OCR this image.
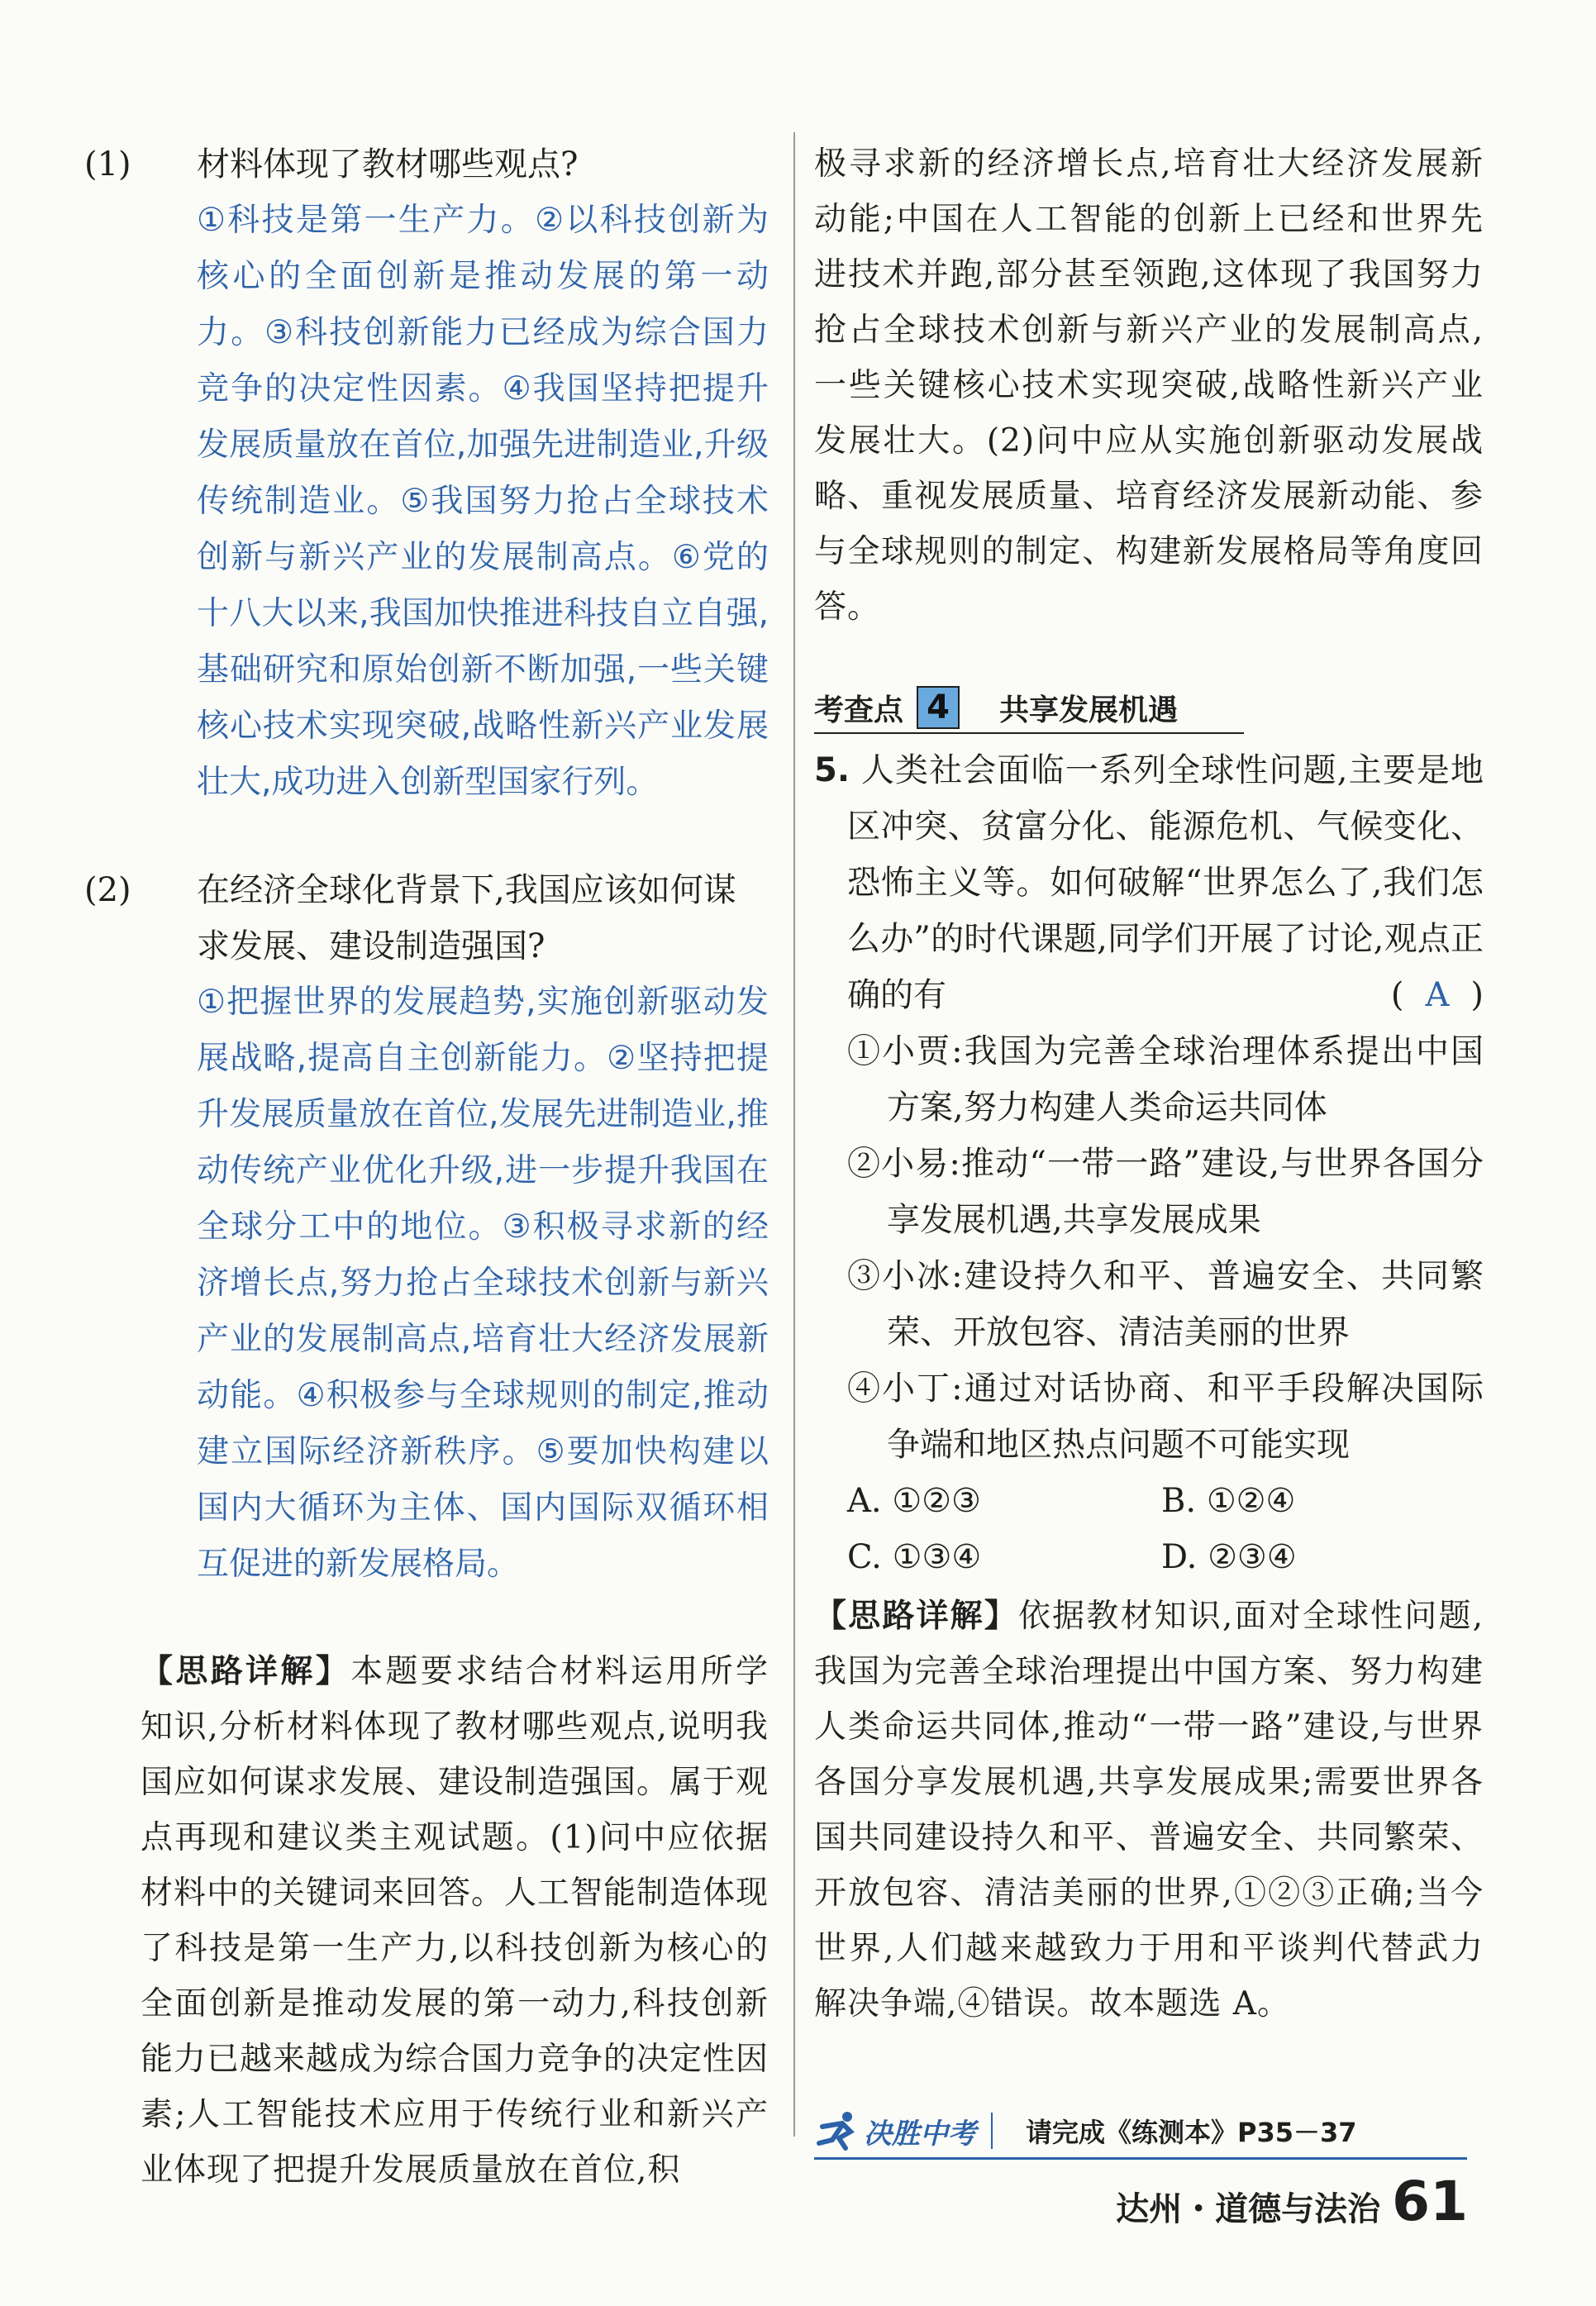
(1) 材料体现了教材哪些观点?
①科技是第一生产力。②以科技创新为核心的全面创新是推动发展的第一动力。③科技创新能力已经成为综合国力竞争的决定性因素。④我国坚持把提升发展质量放在首位,加强先进制造业,升级传统制造业。⑤我国努力抢占全球技术创新与新兴产业的发展制高点。⑥党的十八大以来,我国加快推进科技自立自强,基础研究和原始创新不断加强,一些关键核心技术实现突破,战略性新兴产业发展壮大,成功进入创新型国家行列。
(2) 在经济全球化背景下,我国应该如何谋求发展、建设制造强国?
①把握世界的发展趋势,实施创新驱动发展战略,提高自主创新能力。②坚持把提升发展质量放在首位,发展先进制造业,推动传统产业优化升级,进一步提升我国在全球分工中的地位。③积极寻求新的经济增长点,努力抢占全球技术创新与新兴产业的发展制高点,培育壮大经济发展新动能。④积极参与全球规则的制定,推动建立国际经济新秩序。⑤要加快构建以国内大循环为主体、国内国际双循环相互促进的新发展格局。
【思路详解】本题要求结合材料运用所学知识,分析材料体现了教材哪些观点,说明我国应如何谋求发展、建设制造强国。属于观点再现和建议类主观试题。(1)问中应依据材料中的关键词来回答。人工智能制造体现了科技是第一生产力,以科技创新为核心的全面创新是推动发展的第一动力,科技创新能力已越来越成为综合国力竞争的决定性因素;人工智能技术应用于传统行业和新兴产业体现了把提升发展质量放在首位,积
极寻求新的经济增长点,培育壮大经济发展新动能;中国在人工智能的创新上已经和世界先进技术并跑,部分甚至领跑,这体现了我国努力抢占全球技术创新与新兴产业的发展制高点,一些关键核心技术实现突破,战略性新兴产业发展壮大。(2)问中应从实施创新驱动发展战略、重视发展质量、培育经济发展新动能、参与全球规则的制定、构建新发展格局等角度回答。
考查点 4	共享发展机遇
5. 人类社会面临一系列全球性问题,主要是地区冲突、贫富分化、能源危机、气候变化、恐怖主义等。如何破解“世界怎么了,我们怎么办”的时代课题,同学们开展了讨论,观点正确的有	( A )
①小贾:我国为完善全球治理体系提出中国方案,努力构建人类命运共同体
②小易:推动“一带一路”建设,与世界各国分享发展机遇,共享发展成果
③小冰:建设持久和平、普遍安全、共同繁荣、开放包容、清洁美丽的世界
④小丁:通过对话协商、和平手段解决国际争端和地区热点问题不可能实现
A. ①②③	B. ①②④
C. ①③④	D. ②③④
【思路详解】依据教材知识,面对全球性问题,我国为完善全球治理提出中国方案、努力构建人类命运共同体,推动“一带一路”建设,与世界各国分享发展机遇,共享发展成果;需要世界各国共同建设持久和平、普遍安全、共同繁荣、开放包容、清洁美丽的世界,①②③正确;当今世界,人们越来越致力于用和平谈判代替武力解决争端,④错误。故本题选 A。
决胜中考 请完成《练测本》P35－37
达州・道德与法治 61
